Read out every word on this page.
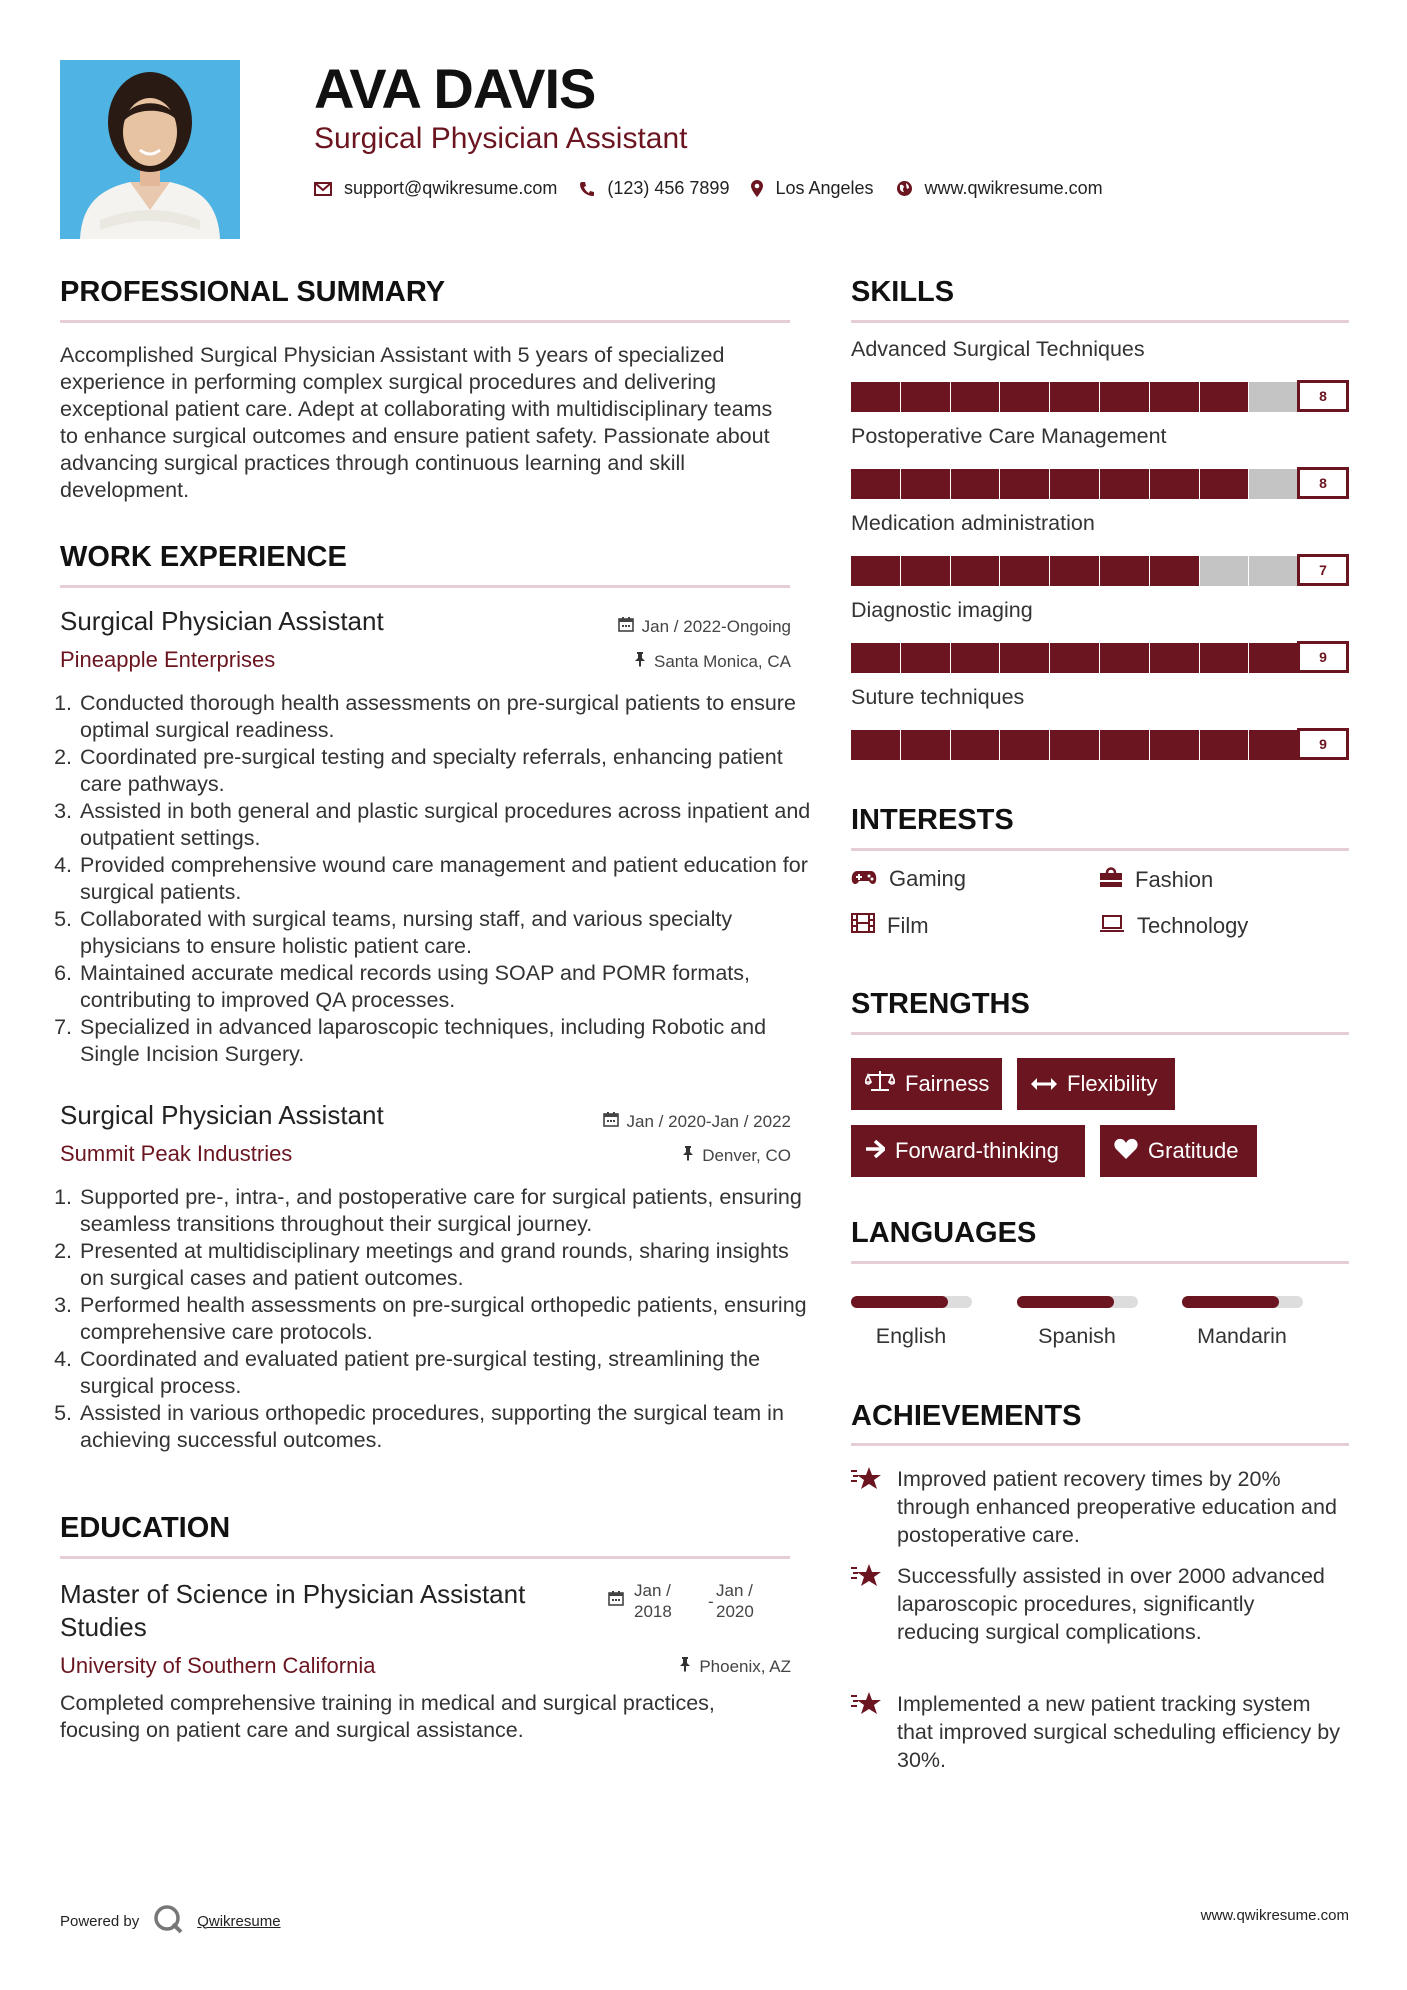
AVA DAVIS
Surgical Physician Assistant
support@qwikresume.com	(123) 456 7899	Los Angeles	www.qwikresume.com
PROFESSIONAL SUMMARY
Accomplished Surgical Physician Assistant with 5 years of specialized experience in performing complex surgical procedures and delivering exceptional patient care. Adept at collaborating with multidisciplinary teams to enhance surgical outcomes and ensure patient safety. Passionate about advancing surgical practices through continuous learning and skill development.
WORK EXPERIENCE
Surgical Physician Assistant	Jan / 2022-Ongoing
Pineapple Enterprises	Santa Monica, CA
1. Conducted thorough health assessments on pre-surgical patients to ensure optimal surgical readiness.
2. Coordinated pre-surgical testing and specialty referrals, enhancing patient care pathways.
3. Assisted in both general and plastic surgical procedures across inpatient and outpatient settings.
4. Provided comprehensive wound care management and patient education for surgical patients.
5. Collaborated with surgical teams, nursing staff, and various specialty physicians to ensure holistic patient care.
6. Maintained accurate medical records using SOAP and POMR formats, contributing to improved QA processes.
7. Specialized in advanced laparoscopic techniques, including Robotic and Single Incision Surgery.
Surgical Physician Assistant	Jan / 2020-Jan / 2022
Summit Peak Industries	Denver, CO
1. Supported pre-, intra-, and postoperative care for surgical patients, ensuring seamless transitions throughout their surgical journey.
2. Presented at multidisciplinary meetings and grand rounds, sharing insights on surgical cases and patient outcomes.
3. Performed health assessments on pre-surgical orthopedic patients, ensuring comprehensive care protocols.
4. Coordinated and evaluated patient pre-surgical testing, streamlining the surgical process.
5. Assisted in various orthopedic procedures, supporting the surgical team in achieving successful outcomes.
EDUCATION
Master of Science in Physician Assistant Studies
Jan /
2018
-
Jan /
2020
University of Southern California	Phoenix, AZ
Completed comprehensive training in medical and surgical practices, focusing on patient care and surgical assistance.
SKILLS
Advanced Surgical Techniques
8
Postoperative Care Management
8
Medication administration
7
Diagnostic imaging
9
Suture techniques
9
INTERESTS
Gaming	Fashion
Film	Technology
STRENGTHS
Fairness	Flexibility
Forward-thinking	Gratitude
LANGUAGES
English	Spanish	Mandarin
ACHIEVEMENTS
Improved patient recovery times by 20% through enhanced preoperative education and postoperative care.
Successfully assisted in over 2000 advanced laparoscopic procedures, significantly reducing surgical complications.
Implemented a new patient tracking system that improved surgical scheduling efficiency by 30%.
Powered by	Qwikresume	www.qwikresume.com
